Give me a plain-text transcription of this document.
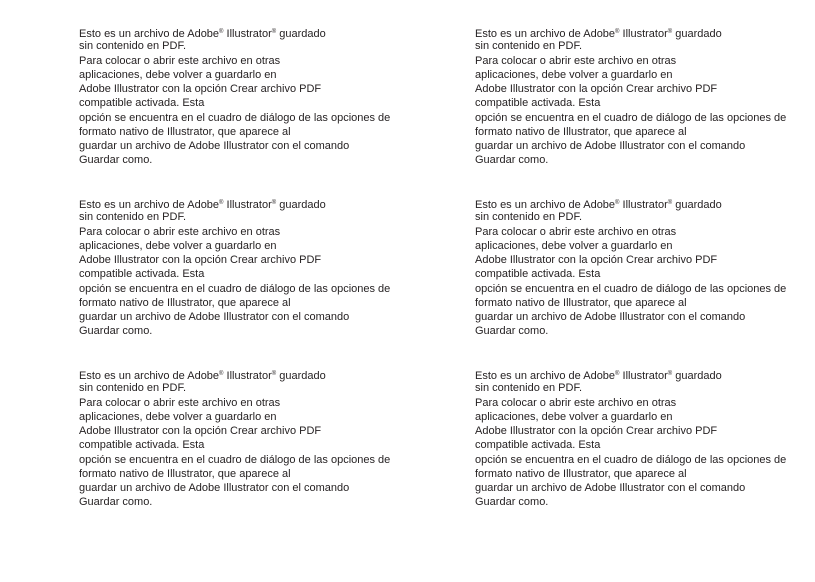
Esto es un archivo de Adobe® Illustrator® guardado
sin contenido en PDF.
Para colocar o abrir este archivo en otras
aplicaciones, debe volver a guardarlo en
Adobe Illustrator con la opción Crear archivo PDF
compatible activada. Esta
opción se encuentra en el cuadro de diálogo de las opciones de
formato nativo de Illustrator, que aparece al
guardar un archivo de Adobe Illustrator con el comando
Guardar como.
Esto es un archivo de Adobe® Illustrator® guardado
sin contenido en PDF.
Para colocar o abrir este archivo en otras
aplicaciones, debe volver a guardarlo en
Adobe Illustrator con la opción Crear archivo PDF
compatible activada. Esta
opción se encuentra en el cuadro de diálogo de las opciones de
formato nativo de Illustrator, que aparece al
guardar un archivo de Adobe Illustrator con el comando
Guardar como.
Esto es un archivo de Adobe® Illustrator® guardado
sin contenido en PDF.
Para colocar o abrir este archivo en otras
aplicaciones, debe volver a guardarlo en
Adobe Illustrator con la opción Crear archivo PDF
compatible activada. Esta
opción se encuentra en el cuadro de diálogo de las opciones de
formato nativo de Illustrator, que aparece al
guardar un archivo de Adobe Illustrator con el comando
Guardar como.
Esto es un archivo de Adobe® Illustrator® guardado
sin contenido en PDF.
Para colocar o abrir este archivo en otras
aplicaciones, debe volver a guardarlo en
Adobe Illustrator con la opción Crear archivo PDF
compatible activada. Esta
opción se encuentra en el cuadro de diálogo de las opciones de
formato nativo de Illustrator, que aparece al
guardar un archivo de Adobe Illustrator con el comando
Guardar como.
Esto es un archivo de Adobe® Illustrator® guardado
sin contenido en PDF.
Para colocar o abrir este archivo en otras
aplicaciones, debe volver a guardarlo en
Adobe Illustrator con la opción Crear archivo PDF
compatible activada. Esta
opción se encuentra en el cuadro de diálogo de las opciones de
formato nativo de Illustrator, que aparece al
guardar un archivo de Adobe Illustrator con el comando
Guardar como.
Esto es un archivo de Adobe® Illustrator® guardado
sin contenido en PDF.
Para colocar o abrir este archivo en otras
aplicaciones, debe volver a guardarlo en
Adobe Illustrator con la opción Crear archivo PDF
compatible activada. Esta
opción se encuentra en el cuadro de diálogo de las opciones de
formato nativo de Illustrator, que aparece al
guardar un archivo de Adobe Illustrator con el comando
Guardar como.
